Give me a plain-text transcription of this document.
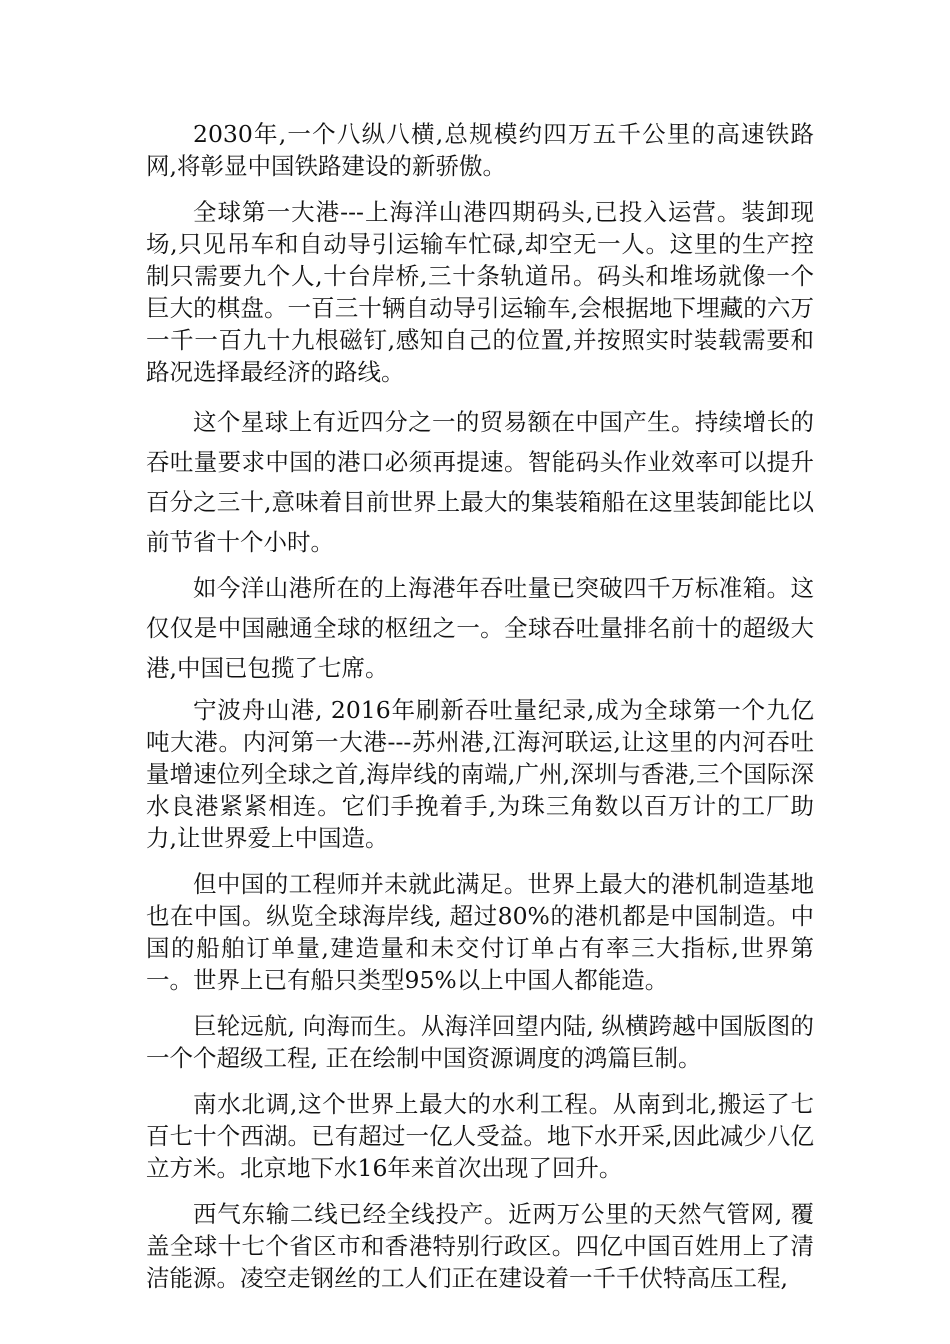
2030年,一个八纵八横,总规模约四万五千公里的高速铁路网,将彰显中国铁路建设的新骄傲。

全球第一大港---上海洋山港四期码头,已投入运营。装卸现场,只见吊车和自动导引运输车忙碌,却空无一人。这里的生产控制只需要九个人,十台岸桥,三十条轨道吊。码头和堆场就像一个巨大的棋盘。一百三十辆自动导引运输车,会根据地下埋藏的六万一千一百九十九根磁钉,感知自己的位置,并按照实时装载需要和路况选择最经济的路线。

这个星球上有近四分之一的贸易额在中国产生。持续增长的吞吐量要求中国的港口必须再提速。智能码头作业效率可以提升百分之三十,意味着目前世界上最大的集装箱船在这里装卸能比以前节省十个小时。

如今洋山港所在的上海港年吞吐量已突破四千万标准箱。这仅仅是中国融通全球的枢纽之一。全球吞吐量排名前十的超级大港,中国已包揽了七席。

宁波舟山港, 2016年刷新吞吐量纪录,成为全球第一个九亿吨大港。内河第一大港---苏州港,江海河联运,让这里的内河吞吐量增速位列全球之首,海岸线的南端,广州,深圳与香港,三个国际深水良港紧紧相连。它们手挽着手,为珠三角数以百万计的工厂助力,让世界爱上中国造。

但中国的工程师并未就此满足。世界上最大的港机制造基地也在中国。纵览全球海岸线, 超过80%的港机都是中国制造。中国的船舶订单量,建造量和未交付订单占有率三大指标,世界第一。世界上已有船只类型95%以上中国人都能造。

巨轮远航, 向海而生。从海洋回望内陆, 纵横跨越中国版图的一个个超级工程, 正在绘制中国资源调度的鸿篇巨制。

南水北调,这个世界上最大的水利工程。从南到北,搬运了七百七十个西湖。已有超过一亿人受益。地下水开采,因此减少八亿立方米。北京地下水16年来首次出现了回升。

西气东输二线已经全线投产。近两万公里的天然气管网, 覆盖全球十七个省区市和香港特别行政区。四亿中国百姓用上了清洁能源。凌空走钢丝的工人们正在建设着一千千伏特高压工程,
